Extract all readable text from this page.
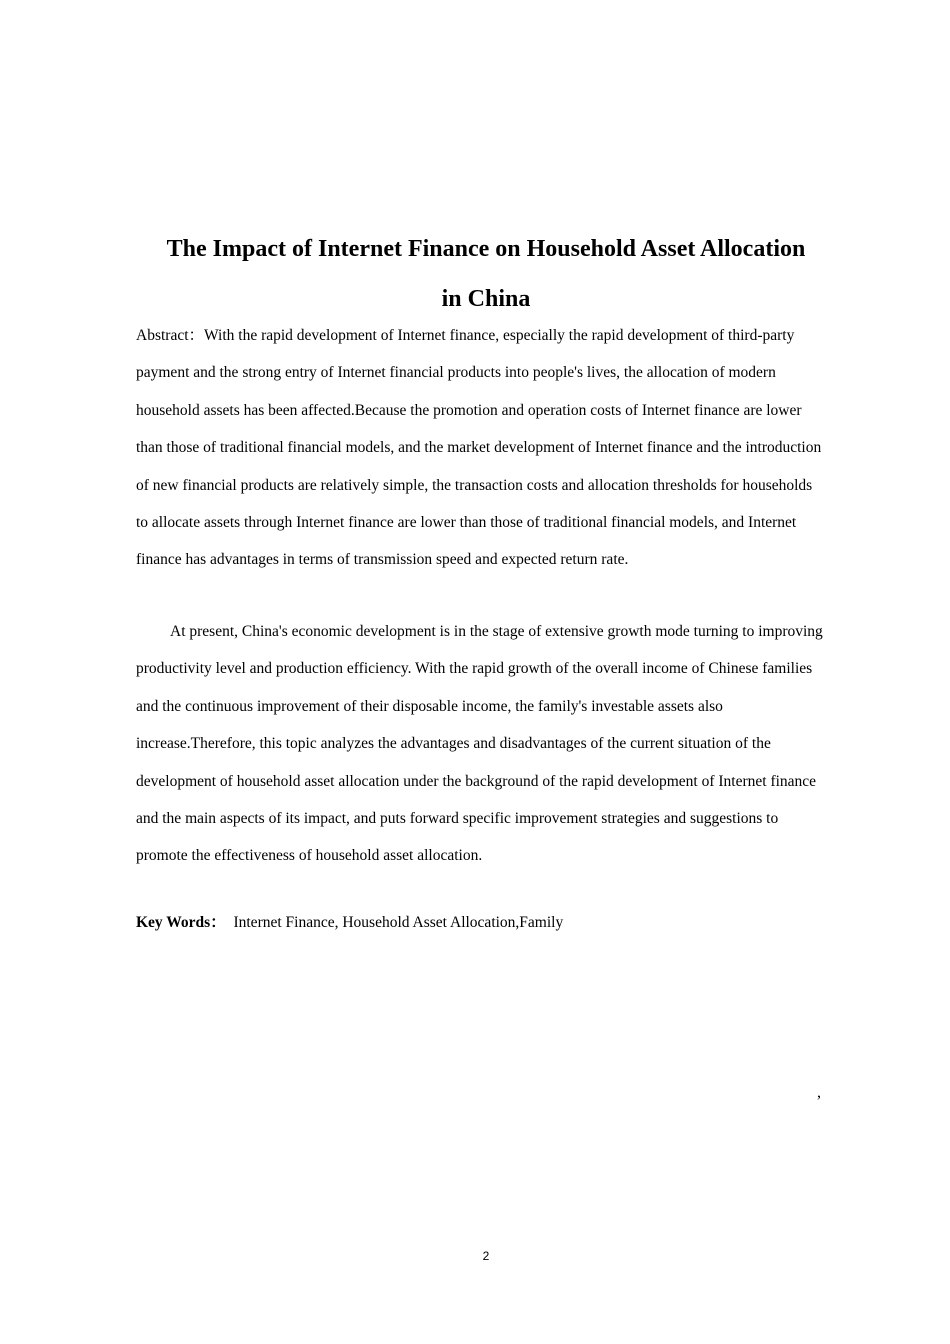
The Impact of Internet Finance on Household Asset Allocation
in China

Abstract：With the rapid development of Internet finance, especially the rapid development of third-party payment and the strong entry of Internet financial products into people's lives, the allocation of modern household assets has been affected.Because the promotion and operation costs of Internet finance are lower than those of traditional financial models, and the market development of Internet finance and the introduction of new financial products are relatively simple, the transaction costs and allocation thresholds for households to allocate assets through Internet finance are lower than those of traditional financial models, and Internet finance has advantages in terms of transmission speed and expected return rate.

At present, China's economic development is in the stage of extensive growth mode turning to improving productivity level and production efficiency. With the rapid growth of the overall income of Chinese families and the continuous improvement of their disposable income, the family's investable assets also increase.Therefore, this topic analyzes the advantages and disadvantages of the current situation of the development of household asset allocation under the background of the rapid development of Internet finance and the main aspects of its impact, and puts forward specific improvement strategies and suggestions to promote the effectiveness of household asset allocation.

Key Words： Internet Finance, Household Asset Allocation,Family

,
2
